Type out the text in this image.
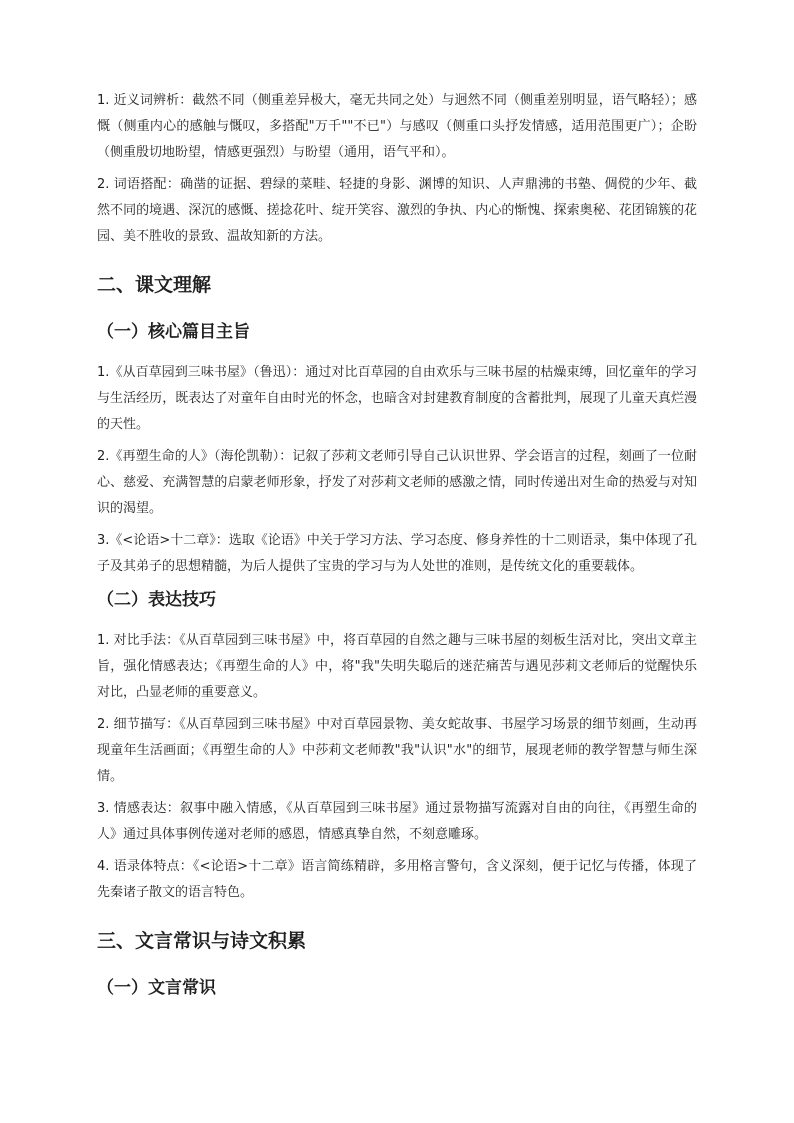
1. 近义词辨析：截然不同（侧重差异极大，毫无共同之处）与迥然不同（侧重差别明显，语气略轻）；感慨（侧重内心的感触与慨叹，多搭配"万千""不已"）与感叹（侧重口头抒发情感，适用范围更广）；企盼（侧重殷切地盼望，情感更强烈）与盼望（通用，语气平和）。

2. 词语搭配：确凿的证据、碧绿的菜畦、轻捷的身影、渊博的知识、人声鼎沸的书塾、倜傥的少年、截然不同的境遇、深沉的感慨、搓捻花叶、绽开笑容、激烈的争执、内心的惭愧、探索奥秘、花团锦簇的花园、美不胜收的景致、温故知新的方法。

二、课文理解
（一）核心篇目主旨

1.《从百草园到三味书屋》（鲁迅）：通过对比百草园的自由欢乐与三味书屋的枯燥束缚，回忆童年的学习与生活经历，既表达了对童年自由时光的怀念，也暗含对封建教育制度的含蓄批判，展现了儿童天真烂漫的天性。

2.《再塑生命的人》（海伦凯勒）：记叙了莎莉文老师引导自己认识世界、学会语言的过程，刻画了一位耐心、慈爱、充满智慧的启蒙老师形象，抒发了对莎莉文老师的感激之情，同时传递出对生命的热爱与对知识的渴望。

3.《<论语>十二章》：选取《论语》中关于学习方法、学习态度、修身养性的十二则语录，集中体现了孔子及其弟子的思想精髓，为后人提供了宝贵的学习与为人处世的准则，是传统文化的重要载体。

（二）表达技巧

1. 对比手法：《从百草园到三味书屋》中，将百草园的自然之趣与三味书屋的刻板生活对比，突出文章主旨，强化情感表达；《再塑生命的人》中，将"我"失明失聪后的迷茫痛苦与遇见莎莉文老师后的觉醒快乐对比，凸显老师的重要意义。

2. 细节描写：《从百草园到三味书屋》中对百草园景物、美女蛇故事、书屋学习场景的细节刻画，生动再现童年生活画面；《再塑生命的人》中莎莉文老师教"我"认识"水"的细节，展现老师的教学智慧与师生深情。

3. 情感表达：叙事中融入情感，《从百草园到三味书屋》通过景物描写流露对自由的向往，《再塑生命的人》通过具体事例传递对老师的感恩，情感真挚自然，不刻意雕琢。

4. 语录体特点：《<论语>十二章》语言简练精辟，多用格言警句，含义深刻，便于记忆与传播，体现了先秦诸子散文的语言特色。

三、文言常识与诗文积累
（一）文言常识
